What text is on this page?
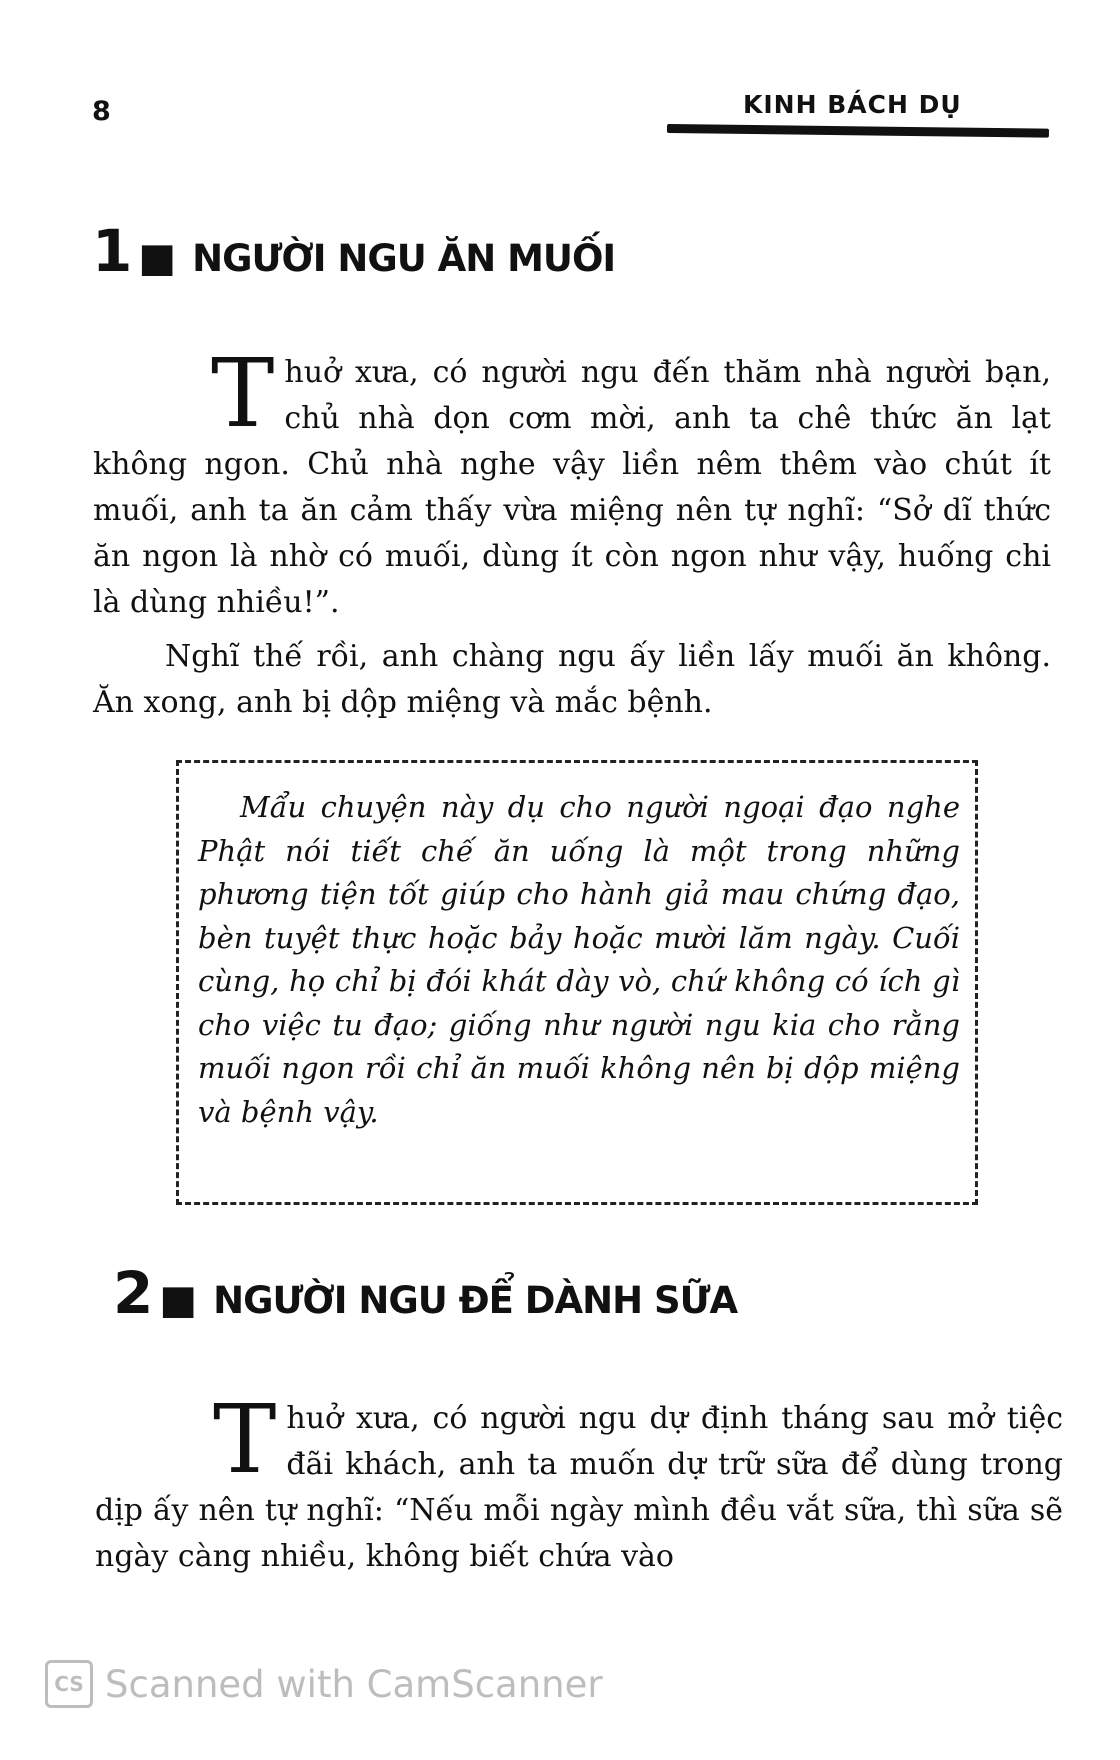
8	KINH BÁCH DỤ
1 ■ NGƯỜI NGU ĂN MUỐI

Thuở xưa, có người ngu đến thăm nhà người bạn, chủ nhà dọn cơm mời, anh ta chê thức ăn lạt không ngon. Chủ nhà nghe vậy liền nêm thêm vào chút ít muối, anh ta ăn cảm thấy vừa miệng nên tự nghĩ: “Sở dĩ thức ăn ngon là nhờ có muối, dùng ít còn ngon như vậy, huống chi là dùng nhiều!”.

Nghĩ thế rồi, anh chàng ngu ấy liền lấy muối ăn không. Ăn xong, anh bị dộp miệng và mắc bệnh.

Mẩu chuyện này dụ cho người ngoại đạo nghe Phật nói tiết chế ăn uống là một trong những phương tiện tốt giúp cho hành giả mau chứng đạo, bèn tuyệt thực hoặc bảy hoặc mười lăm ngày. Cuối cùng, họ chỉ bị đói khát dày vò, chứ không có ích gì cho việc tu đạo; giống như người ngu kia cho rằng muối ngon rồi chỉ ăn muối không nên bị dộp miệng và bệnh vậy.

2 ■ NGƯỜI NGU ĐỂ DÀNH SỮA

Thuở xưa, có người ngu dự định tháng sau mở tiệc đãi khách, anh ta muốn dự trữ sữa để dùng trong dịp ấy nên tự nghĩ: “Nếu mỗi ngày mình đều vắt sữa, thì sữa sẽ ngày càng nhiều, không biết chứa vào

CS Scanned with CamScanner
